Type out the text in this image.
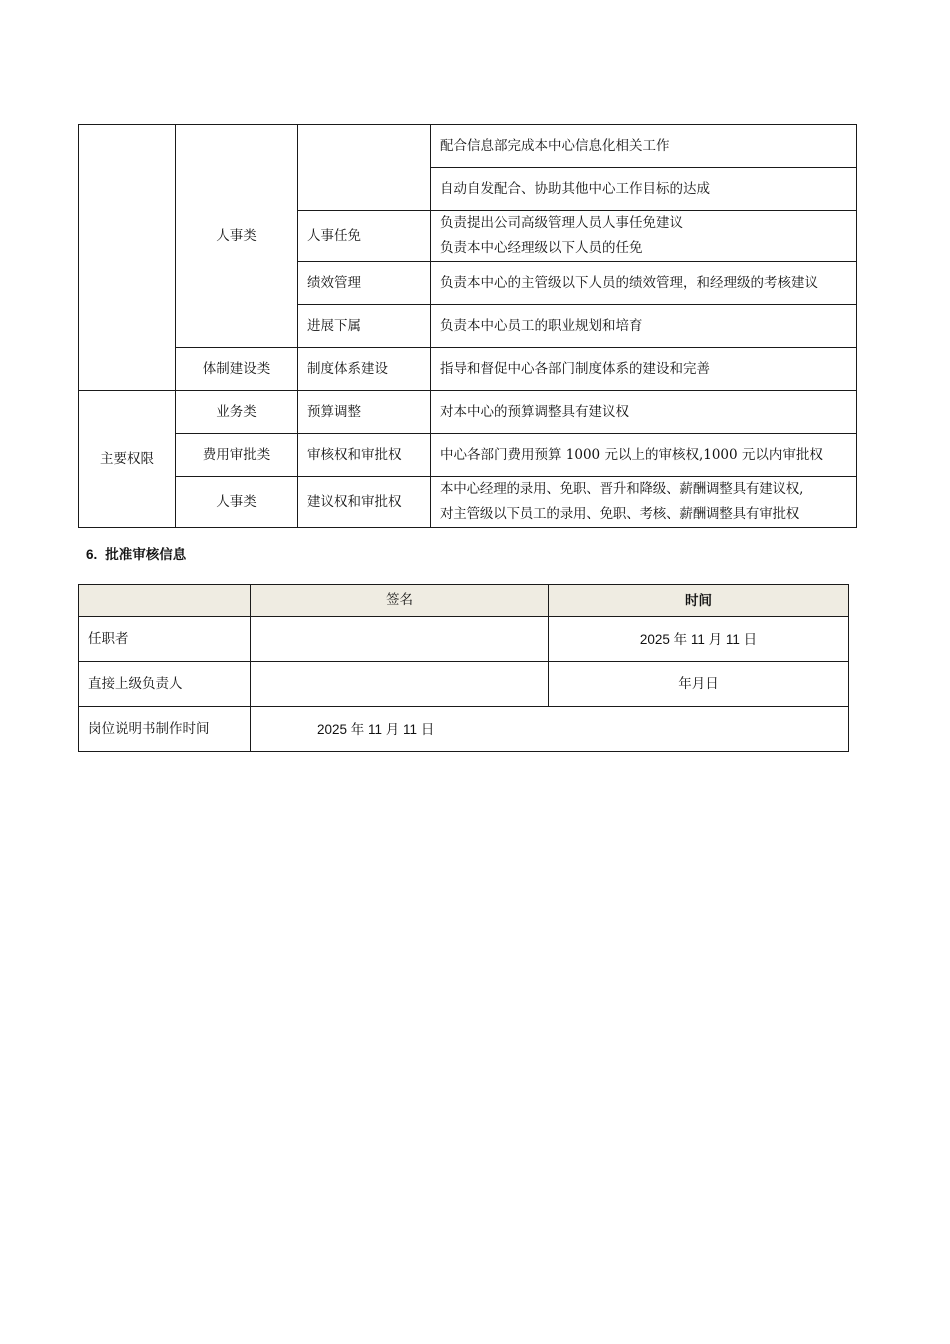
	人事类		配合信息部完成本中心信息化相关工作
			自动自发配合、协助其他中心工作目标的达成
		人事任免	负责提出公司高级管理人员人事任免建议
负责本中心经理级以下人员的任免

		绩效管理	负责本中心的主管级以下人员的绩效管理，和经理级的考核建议
		进展下属	负责本中心员工的职业规划和培育
	体制建设类	制度体系建设	指导和督促中心各部门制度体系的建设和完善
主要权限	业务类	预算调整	对本中心的预算调整具有建议权
	费用审批类	审核权和审批权	中心各部门费用预算 1000 元以上的审核权,1000 元以内审批权
	人事类	建议权和审批权	本中心经理的录用、免职、晋升和降级、薪酬调整具有建议权,
对主管级以下员工的录用、免职、考核、薪酬调整具有审批权
6. 批准审核信息
	签名	时间
任职者		2025 年 11 月 11 日
直接上级负责人		年月日
岗位说明书制作时间	2025 年 11 月 11 日	
